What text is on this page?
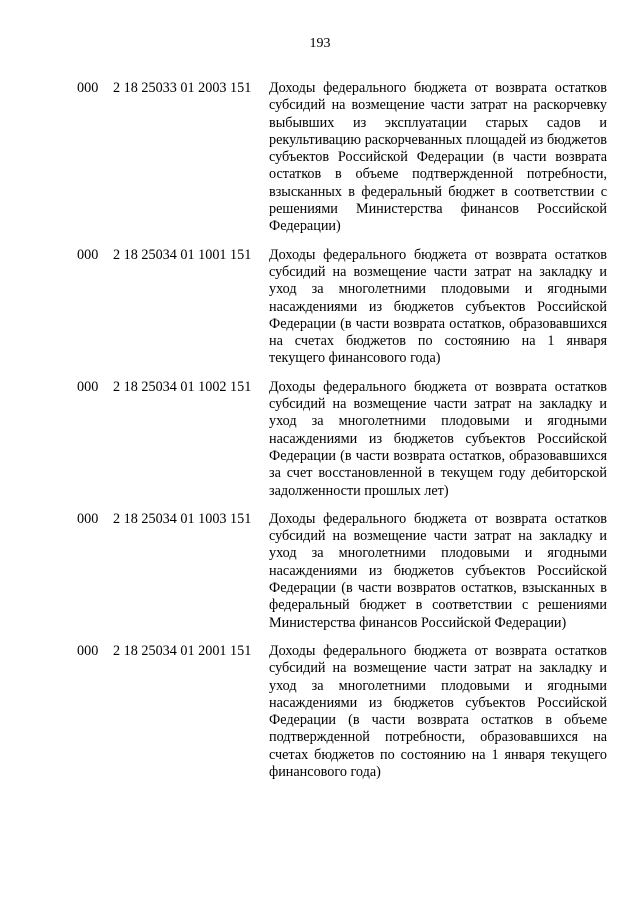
193
000	2 18 25033 01 2003 151	Доходы федерального бюджета от возврата остатков субсидий на возмещение части затрат на раскорчевку выбывших из эксплуатации старых садов и рекультивацию раскорчеванных площадей из бюджетов субъектов Российской Федерации (в части возврата остатков в объеме подтвержденной потребности, взысканных в федеральный бюджет в соответствии с решениями Министерства финансов Российской Федерации)
000	2 18 25034 01 1001 151	Доходы федерального бюджета от возврата остатков субсидий на возмещение части затрат на закладку и уход за многолетними плодовыми и ягодными насаждениями из бюджетов субъектов Российской Федерации (в части возврата остатков, образовавшихся на счетах бюджетов по состоянию на 1 января текущего финансового года)
000	2 18 25034 01 1002 151	Доходы федерального бюджета от возврата остатков субсидий на возмещение части затрат на закладку и уход за многолетними плодовыми и ягодными насаждениями из бюджетов субъектов Российской Федерации (в части возврата остатков, образовавшихся за счет восстановленной в текущем году дебиторской задолженности прошлых лет)
000	2 18 25034 01 1003 151	Доходы федерального бюджета от возврата остатков субсидий на возмещение части затрат на закладку и уход за многолетними плодовыми и ягодными насаждениями из бюджетов субъектов Российской Федерации (в части возвратов остатков, взысканных в федеральный бюджет в соответствии с решениями Министерства финансов Российской Федерации)
000	2 18 25034 01 2001 151	Доходы федерального бюджета от возврата остатков субсидий на возмещение части затрат на закладку и уход за многолетними плодовыми и ягодными насаждениями из бюджетов субъектов Российской Федерации (в части возврата остатков в объеме подтвержденной потребности, образовавшихся на счетах бюджетов по состоянию на 1 января текущего финансового года)
